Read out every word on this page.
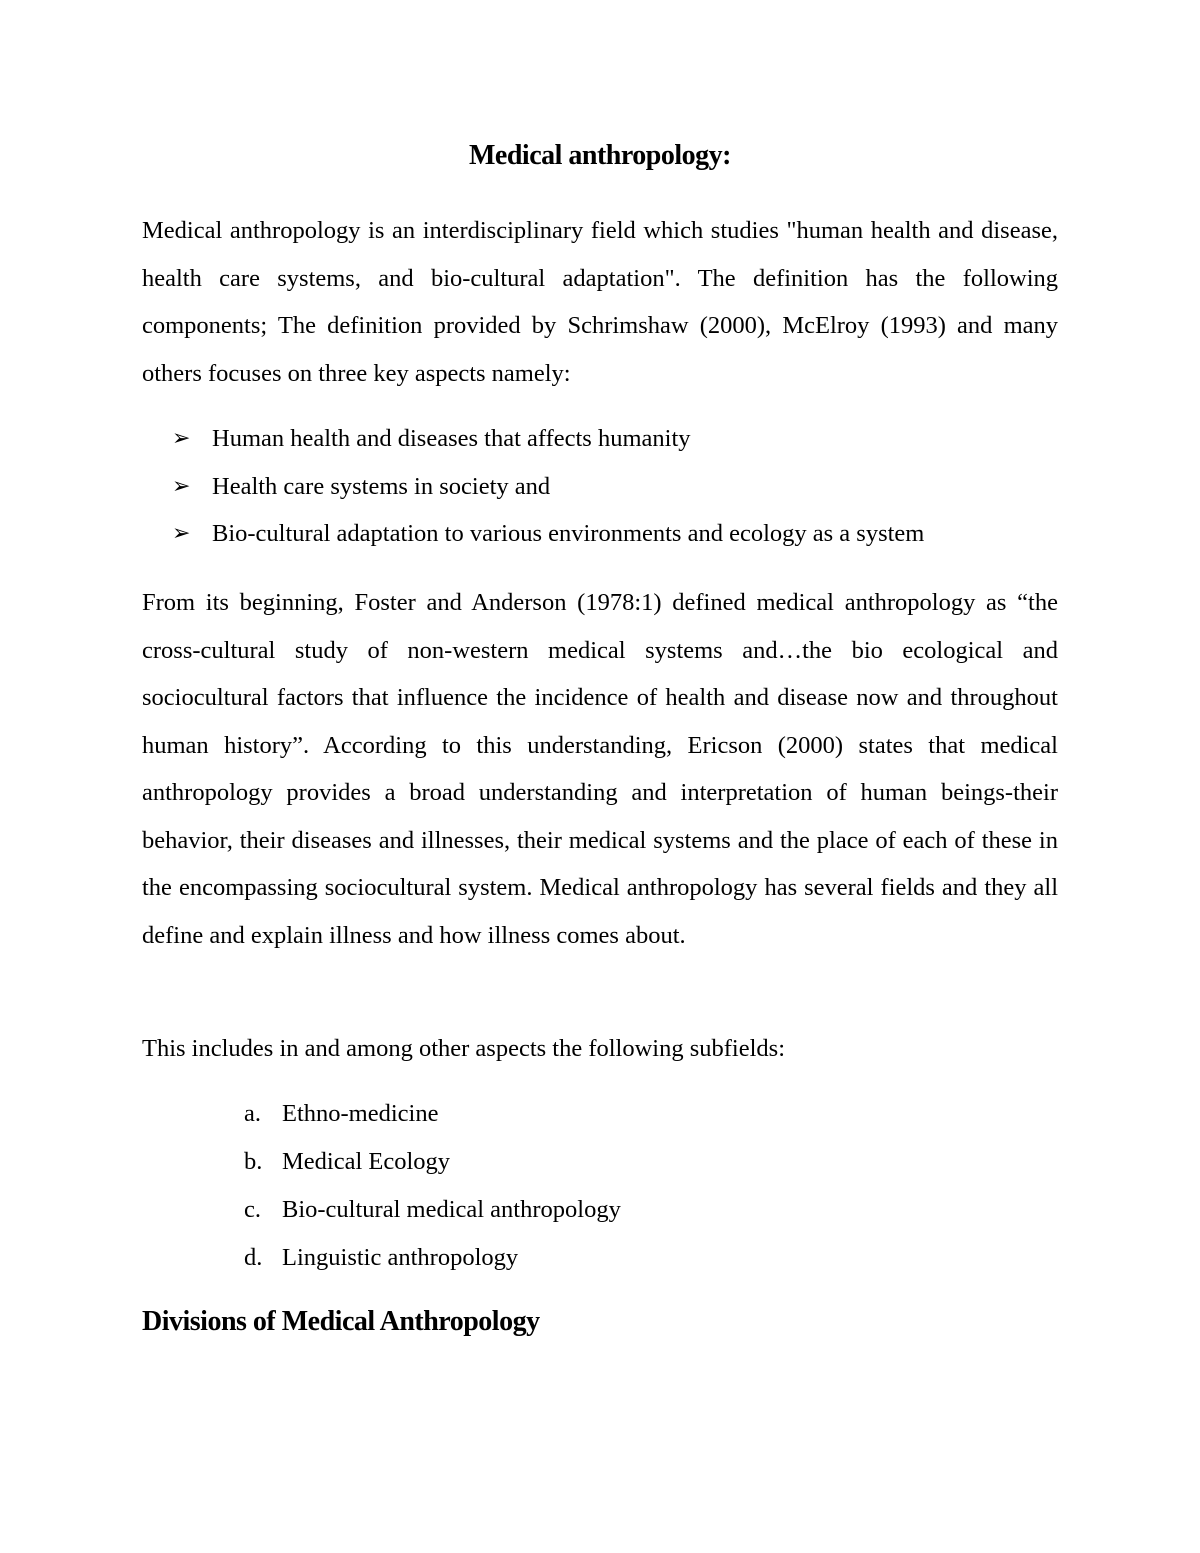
Medical anthropology:

Medical anthropology is an interdisciplinary field which studies "human health and disease, health care systems, and bio-cultural adaptation". The definition has the following components; The definition provided by Schrimshaw (2000), McElroy (1993) and many others focuses on three key aspects namely:

➢ Human health and diseases that affects humanity
➢ Health care systems in society and
➢ Bio-cultural adaptation to various environments and ecology as a system

From its beginning, Foster and Anderson (1978:1) defined medical anthropology as “the cross-cultural study of non-western medical systems and…the bio ecological and sociocultural factors that influence the incidence of health and disease now and throughout human history”. According to this understanding, Ericson (2000) states that medical anthropology provides a broad understanding and interpretation of human beings-their behavior, their diseases and illnesses, their medical systems and the place of each of these in the encompassing sociocultural system. Medical anthropology has several fields and they all define and explain illness and how illness comes about.

This includes in and among other aspects the following subfields:

a. Ethno-medicine
b. Medical Ecology
c. Bio-cultural medical anthropology
d. Linguistic anthropology
Divisions of Medical Anthropology
